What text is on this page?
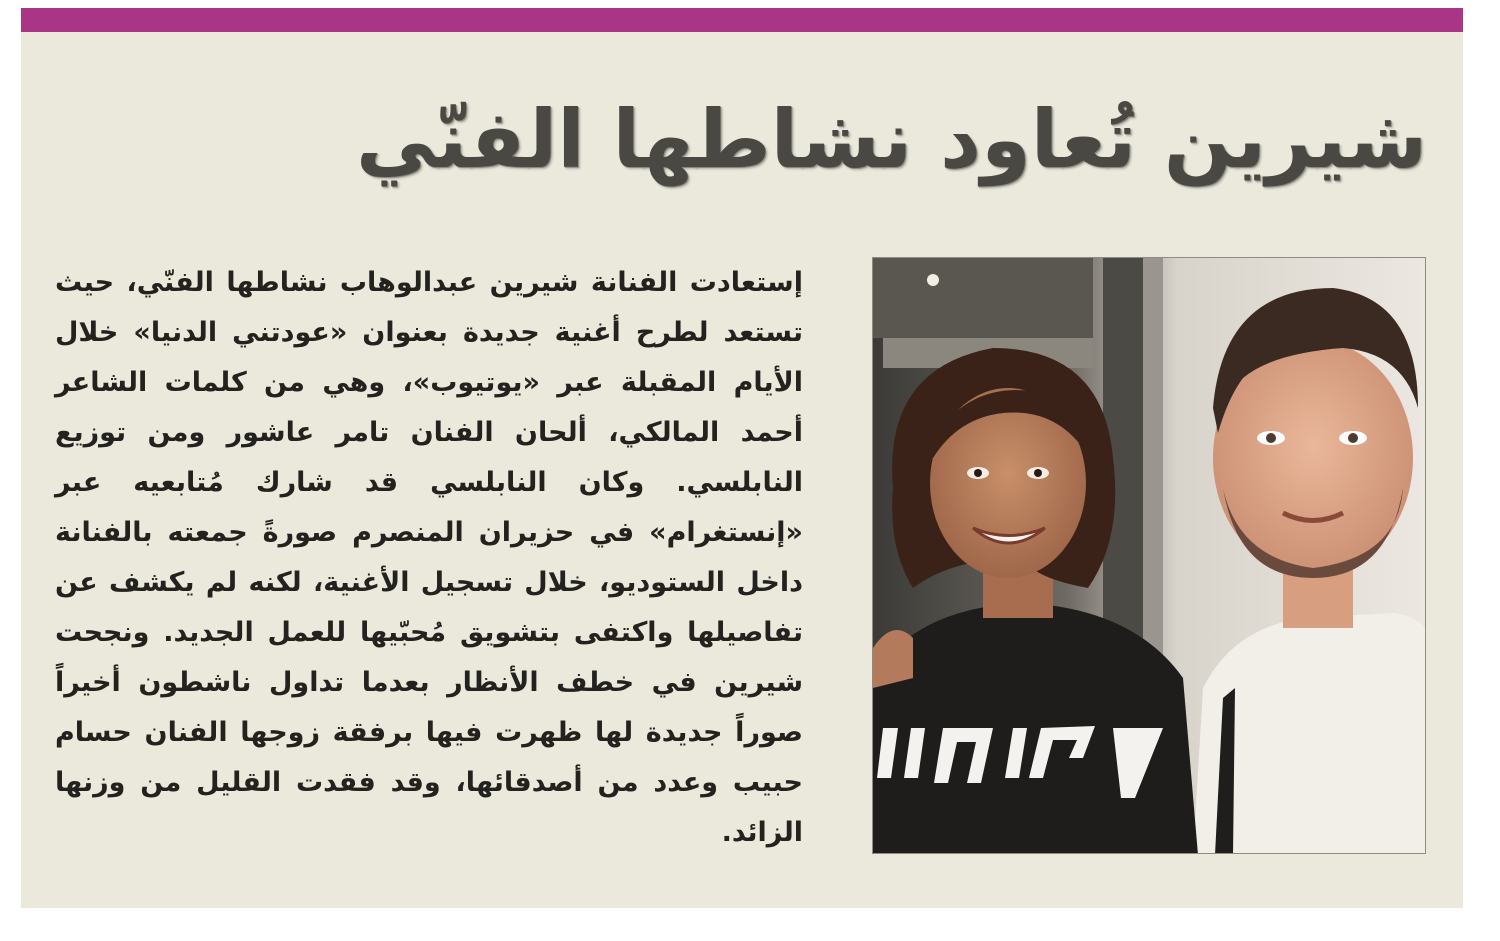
شيرين تُعاود نشاطها الفنّي

إستعادت الفنانة شيرين عبدالوهاب نشاطها الفنّي، حيث تستعد لطرح أغنية جديدة بعنوان «عودتني الدنيا» خلال الأيام المقبلة عبر «يوتيوب»، وهي من كلمات الشاعر أحمد المالكي، ألحان الفنان تامر عاشور ومن توزيع النابلسي. وكان النابلسي قد شارك مُتابعيه عبر «إنستغرام» في حزيران المنصرم صورةً جمعته بالفنانة داخل الستوديو، خلال تسجيل الأغنية، لكنه لم يكشف عن تفاصيلها واكتفى بتشويق مُحبّيها للعمل الجديد. ونجحت شيرين في خطف الأنظار بعدما تداول ناشطون أخيراً صوراً جديدة لها ظهرت فيها برفقة زوجها الفنان حسام حبيب وعدد من أصدقائها، وقد فقدت القليل من وزنها الزائد.
